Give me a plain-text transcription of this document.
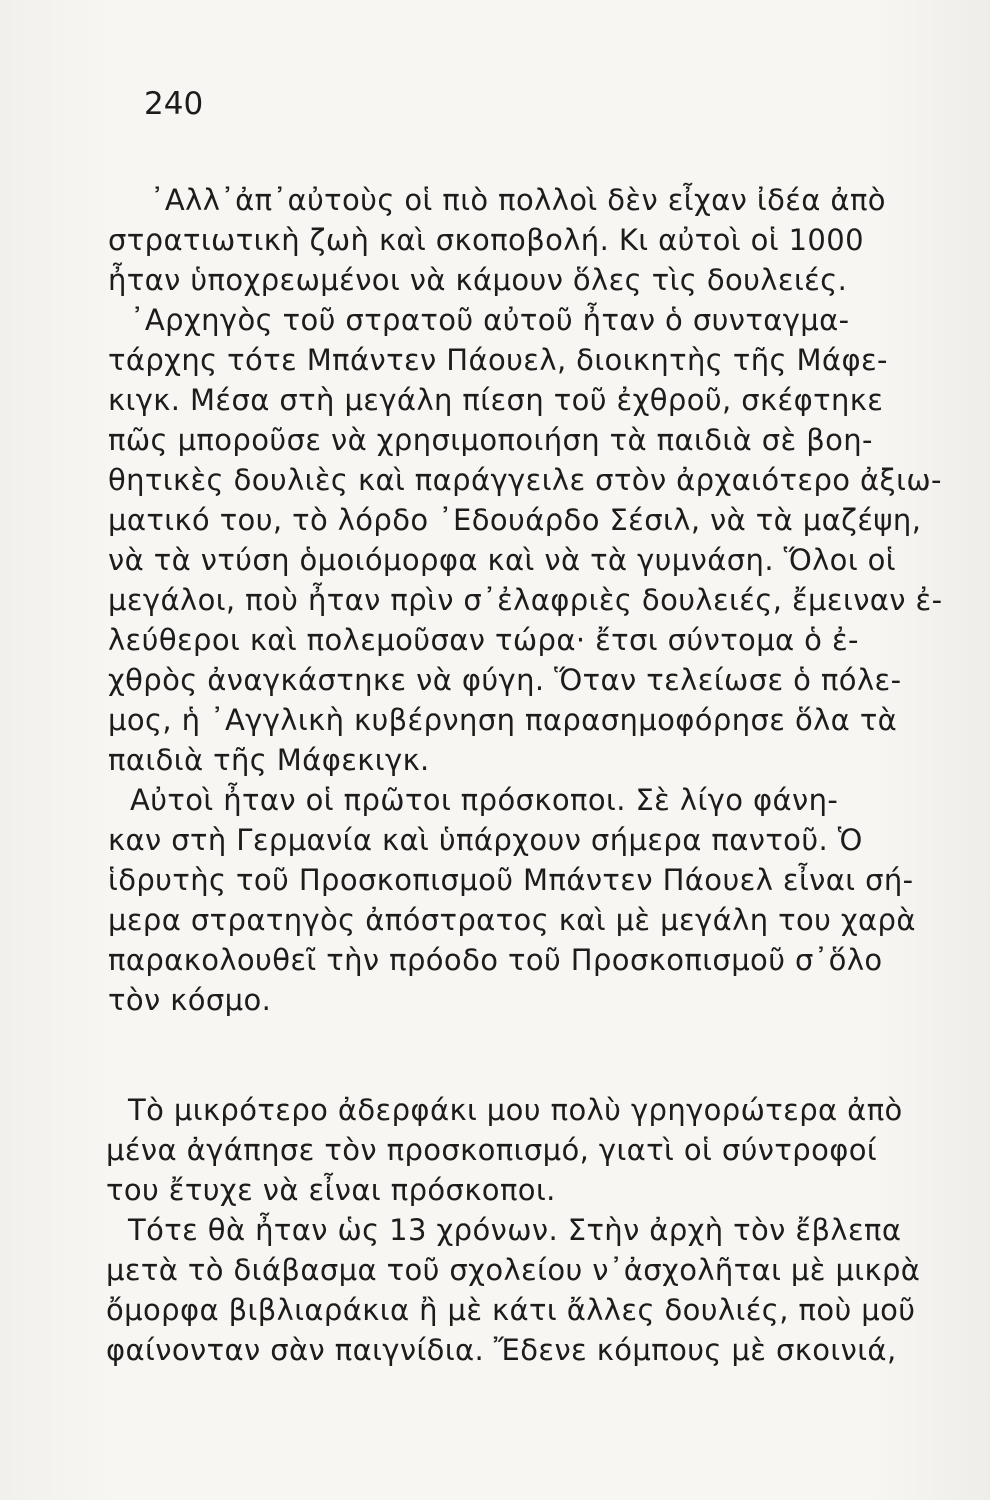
240
᾿Αλλ᾿ἀπ᾿αὐτοὺς οἱ πιὸ πολλοὶ δὲν εἶχαν ἰδέα ἀπὸ
στρατιωτικὴ ζωὴ καὶ σκοποβολή. Κι αὐτοὶ οἱ 1000
ἦταν ὑποχρεωμένοι νὰ κάμουν ὅλες τὶς δουλειές.
᾿Αρχηγὸς τοῦ στρατοῦ αὐτοῦ ἦταν ὁ συνταγμα-
τάρχης τότε Μπάντεν Πάουελ, διοικητὴς τῆς Μάφε-
κιγκ. Μέσα στὴ μεγάλη πίεση τοῦ ἐχθροῦ, σκέφτηκε
πῶς μποροῦσε νὰ χρησιμοποιήση τὰ παιδιὰ σὲ βοη-
θητικὲς δουλιὲς καὶ παράγγειλε στὸν ἀρχαιότερο ἀξιω-
ματικό του, τὸ λόρδο ᾿Εδουάρδο Σέσιλ, νὰ τὰ μαζέψη,
νὰ τὰ ντύση ὁμοιόμορφα καὶ νὰ τὰ γυμνάση. Ὅλοι οἱ
μεγάλοι, ποὺ ἦταν πρὶν σ᾿ἐλαφριὲς δουλειές, ἔμειναν ἐ-
λεύθεροι καὶ πολεμοῦσαν τώρα· ἔτσι σύντομα ὁ ἐ-
χθρὸς ἀναγκάστηκε νὰ φύγη. Ὅταν τελείωσε ὁ πόλε-
μος, ἡ ᾿Αγγλικὴ κυβέρνηση παρασημοφόρησε ὅλα τὰ
παιδιὰ τῆς Μάφεκιγκ.
Αὐτοὶ ἦταν οἱ πρῶτοι πρόσκοποι. Σὲ λίγο φάνη-
καν στὴ Γερμανία καὶ ὑπάρχουν σήμερα παντοῦ. Ὁ
ἱδρυτὴς τοῦ Προσκοπισμοῦ Μπάντεν Πάουελ εἶναι σή-
μερα στρατηγὸς ἀπόστρατος καὶ μὲ μεγάλη του χαρὰ
παρακολουθεῖ τὴν πρόοδο τοῦ Προσκοπισμοῦ σ᾿ὅλο
τὸν κόσμο.
Τὸ μικρότερο ἀδερφάκι μου πολὺ γρηγορώτερα ἀπὸ
μένα ἀγάπησε τὸν προσκοπισμό, γιατὶ οἱ σύντροφοί
του ἔτυχε νὰ εἶναι πρόσκοποι.
Τότε θὰ ἦταν ὡς 13 χρόνων. Στὴν ἀρχὴ τὸν ἔβλεπα
μετὰ τὸ διάβασμα τοῦ σχολείου ν᾿ἀσχολῆται μὲ μικρὰ
ὄμορφα βιβλιαράκια ἢ μὲ κάτι ἄλλες δουλιές, ποὺ μοῦ
φαίνονταν σὰν παιγνίδια. Ἔδενε κόμπους μὲ σκοινιά,
